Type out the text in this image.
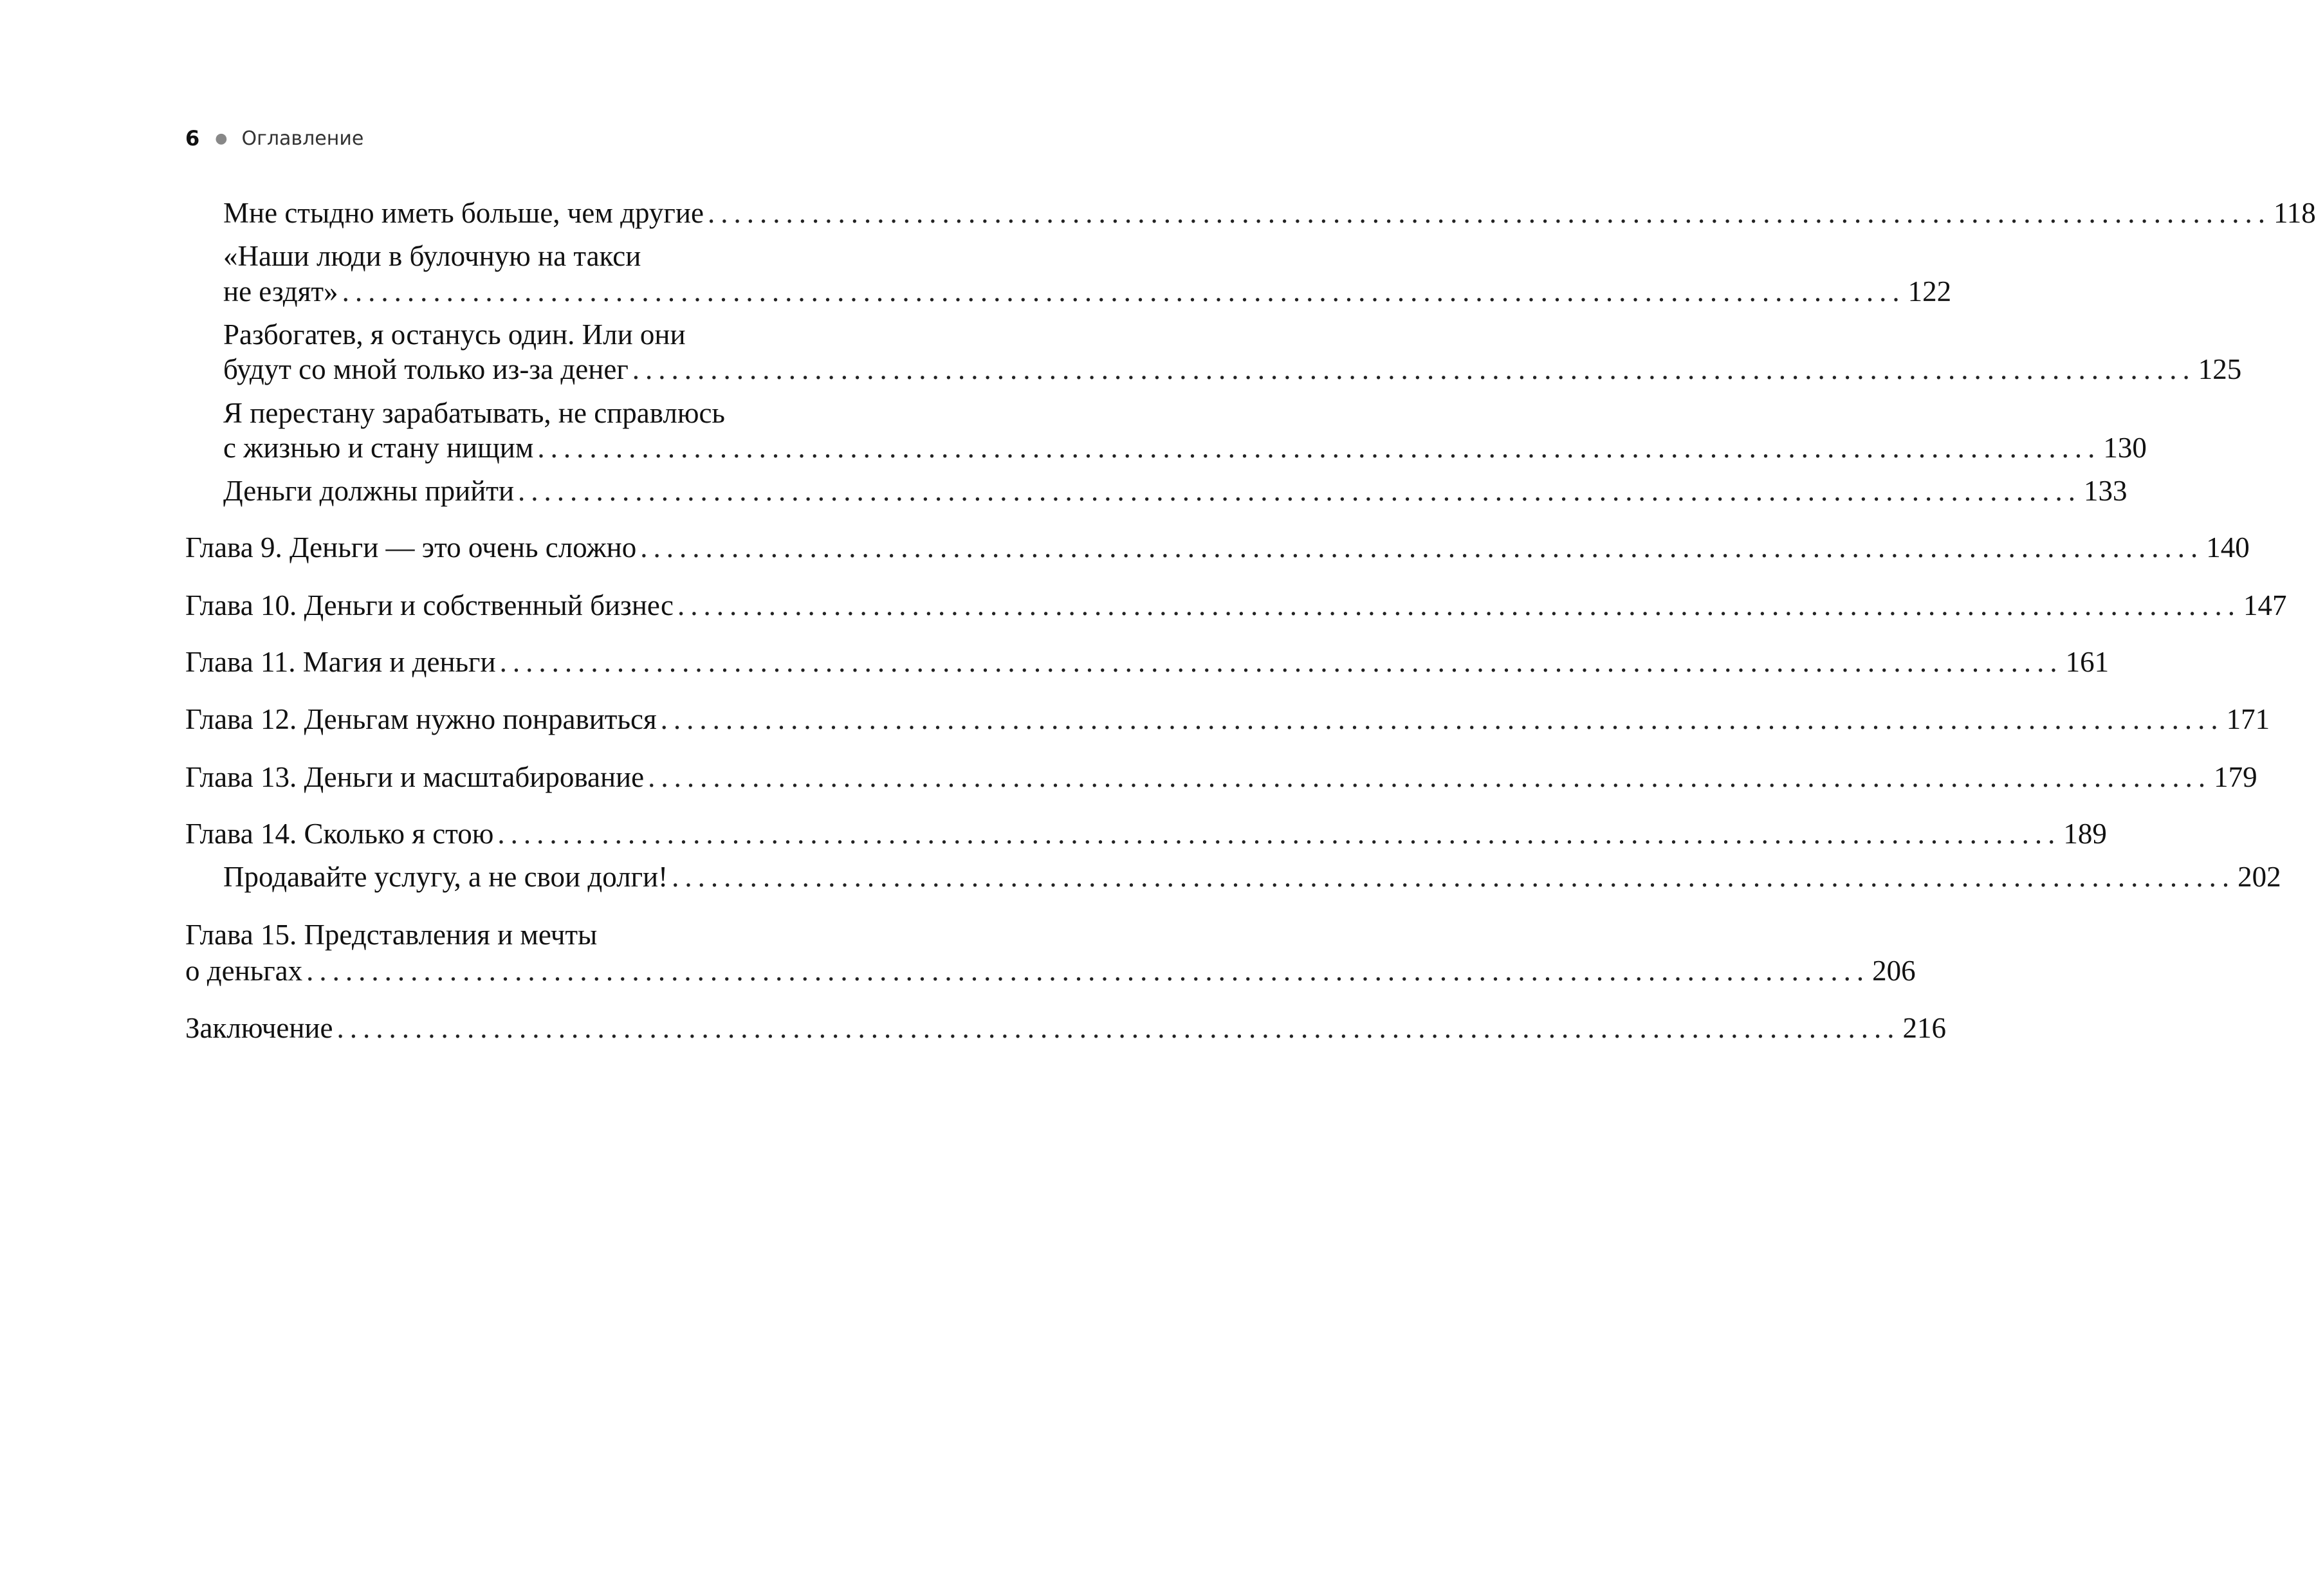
6 ● Оглавление
Мне стыдно иметь больше, чем другие ........................................................................................................................ 118
«Наши люди в булочную на такси
не ездят» ........................................................................................................................ 122
Разбогатев, я останусь один. Или они
будут со мной только из-за денег ........................................................................................................................ 125
Я перестану зарабатывать, не справлюсь
с жизнью и стану нищим ........................................................................................................................ 130
Деньги должны прийти ........................................................................................................................ 133
Глава 9. Деньги — это очень сложно ........................................................................................................................ 140
Глава 10. Деньги и собственный бизнес ........................................................................................................................ 147
Глава 11. Магия и деньги ........................................................................................................................ 161
Глава 12. Деньгам нужно понравиться ........................................................................................................................ 171
Глава 13. Деньги и масштабирование ........................................................................................................................ 179
Глава 14. Сколько я стою ........................................................................................................................ 189
Продавайте услугу, а не свои долги! ........................................................................................................................ 202
Глава 15. Представления и мечты
о деньгах ........................................................................................................................ 206
Заключение ........................................................................................................................ 216
